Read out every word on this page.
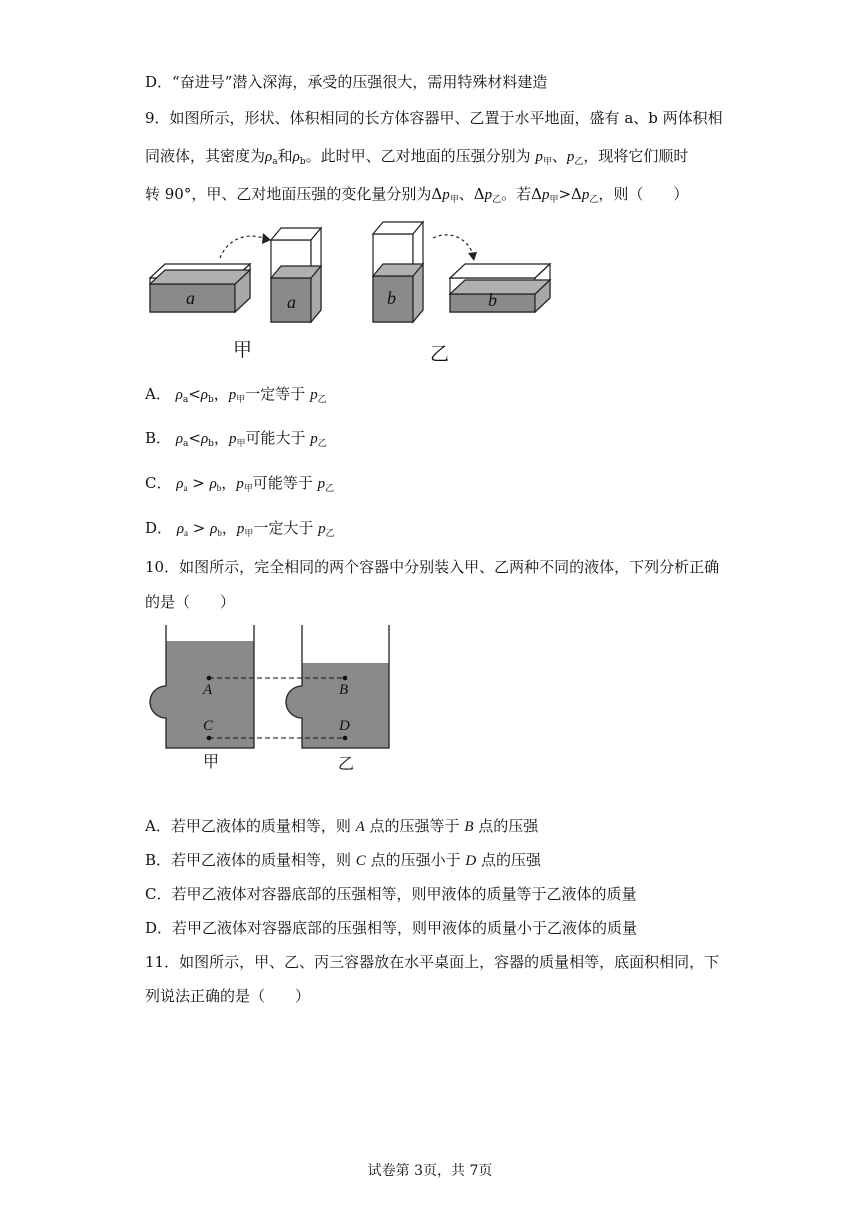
D．“奋进号”潜入深海，承受的压强很大，需用特殊材料建造
9．如图所示，形状、体积相同的长方体容器甲、乙置于水平地面，盛有 a、b 两体积相
同液体，其密度为$\rho_a$和$\rho_b$。此时甲、乙对地面的压强分别为 $p_甲$、$p_乙$，现将它们顺时
转 90°，甲、乙对地面压强的变化量分别为$\Delta p_甲$、$\Delta p_乙$。若$\Delta p_甲>\Delta p_乙$，则（　　）
a	a	b	b
甲	乙
A． $\rho_a<\rho_b$，$p_甲$一定等于 $p_乙$
B． $\rho_a<\rho_b$，$p_甲$可能大于 $p_乙$
C． $\rho_a > \rho_b$，$p_甲$可能等于 $p_乙$
D． $\rho_a > \rho_b$，$p_甲$一定大于 $p_乙$
10．如图所示，完全相同的两个容器中分别装入甲、乙两种不同的液体，下列分析正确
的是（　　）
A	B
C	D
甲	乙
A．若甲乙液体的质量相等，则 A 点的压强等于 B 点的压强
B．若甲乙液体的质量相等，则 C 点的压强小于 D 点的压强
C．若甲乙液体对容器底部的压强相等，则甲液体的质量等于乙液体的质量
D．若甲乙液体对容器底部的压强相等，则甲液体的质量小于乙液体的质量
11．如图所示，甲、乙、丙三容器放在水平桌面上，容器的质量相等，底面积相同，下
列说法正确的是（　　）
试卷第 3页，共 7页
